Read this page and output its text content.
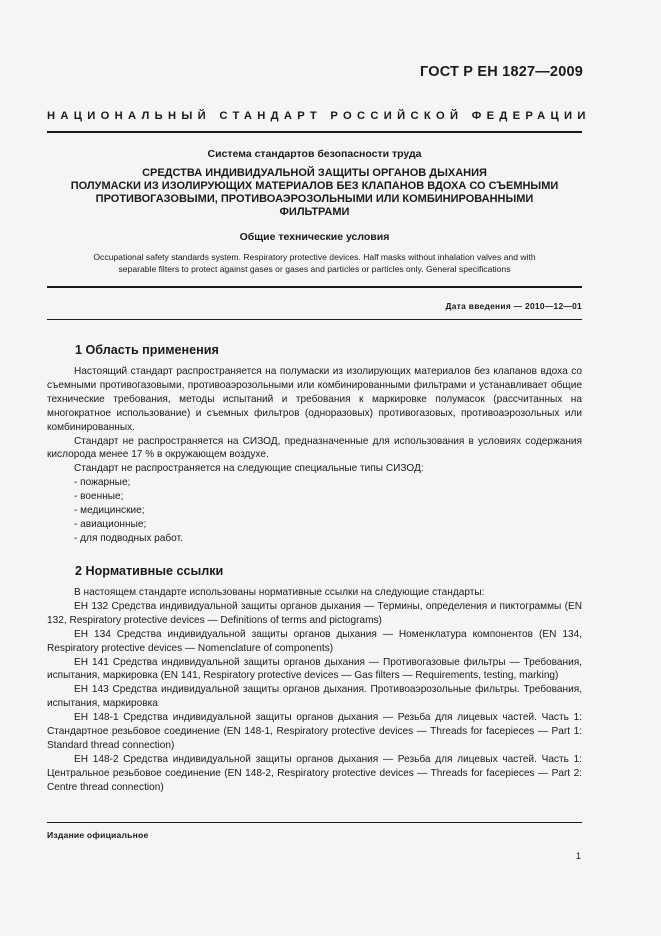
ГОСТ Р ЕН 1827—2009
НАЦИОНАЛЬНЫЙ СТАНДАРТ РОССИЙСКОЙ ФЕДЕРАЦИИ
Система стандартов безопасности труда
СРЕДСТВА ИНДИВИДУАЛЬНОЙ ЗАЩИТЫ ОРГАНОВ ДЫХАНИЯ
ПОЛУМАСКИ ИЗ ИЗОЛИРУЮЩИХ МАТЕРИАЛОВ БЕЗ КЛАПАНОВ ВДОХА СО СЪЕМНЫМИ
ПРОТИВОГАЗОВЫМИ, ПРОТИВОАЭРОЗОЛЬНЫМИ ИЛИ КОМБИНИРОВАННЫМИ
ФИЛЬТРАМИ
Общие технические условия
Occupational safety standards system. Respiratory protective devices. Half masks without inhalation valves and with
separable filters to protect against gases or gases and particles or particles only. General specifications
Дата введения — 2010—12—01
1 Область применения

Настоящий стандарт распространяется на полумаски из изолирующих материалов без клапанов вдоха со съемными противогазовыми, противоаэрозольными или комбинированными фильтрами и устанавливает общие технические требования, методы испытаний и требования к маркировке полумасок (рассчитанных на многократное использование) и съемных фильтров (одноразовых) противогазовых, противоаэрозольных или комбинированных.

Стандарт не распространяется на СИЗОД, предназначенные для использования в условиях содержания кислорода менее 17 % в окружающем воздухе.

Стандарт не распространяется на следующие специальные типы СИЗОД:

- пожарные;

- военные;

- медицинские;

- авиационные;

- для подводных работ.

2 Нормативные ссылки

В настоящем стандарте использованы нормативные ссылки на следующие стандарты:

ЕН 132 Средства индивидуальной защиты органов дыхания — Термины, определения и пиктограммы (EN 132, Respiratory protective devices — Definitions of terms and pictograms)

ЕН 134 Средства индивидуальной защиты органов дыхания — Номенклатура компонентов (EN 134, Respiratory protective devices — Nomenclature of components)

ЕН 141 Средства индивидуальной защиты органов дыхания — Противогазовые фильтры — Требования, испытания, маркировка (EN 141, Respiratory protective devices — Gas filters — Requirements, testing, marking)

ЕН 143 Средства индивидуальной защиты органов дыхания. Противоаэрозольные фильтры. Требования, испытания, маркировка

ЕН 148-1 Средства индивидуальной защиты органов дыхания — Резьба для лицевых частей. Часть 1: Стандартное резьбовое соединение (EN 148-1, Respiratory protective devices — Threads for facepieces — Part 1: Standard thread connection)

ЕН 148-2 Средства индивидуальной защиты органов дыхания — Резьба для лицевых частей. Часть 1: Центральное резьбовое соединение (EN 148-2, Respiratory protective devices — Threads for facepieces — Part 2: Centre thread connection)

Издание официальное
1
